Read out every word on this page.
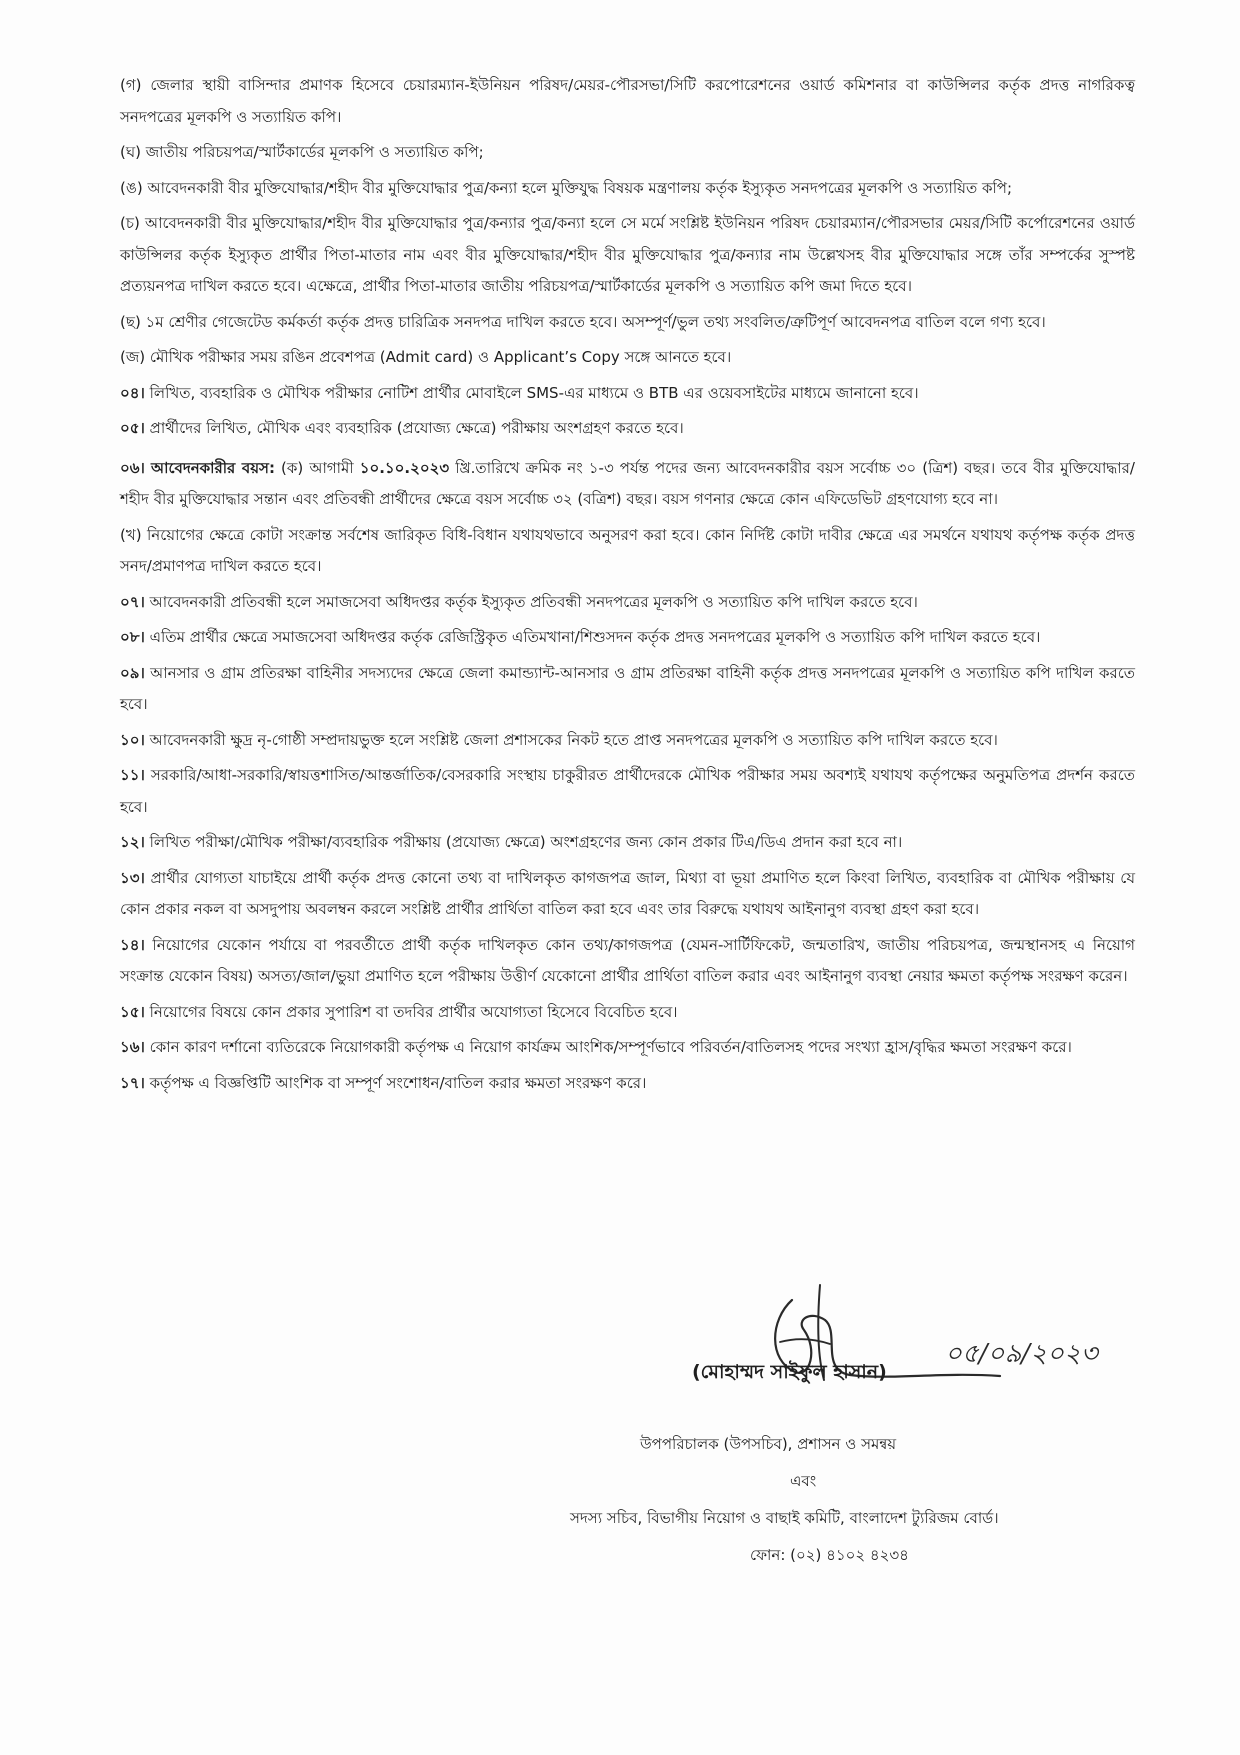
(গ) জেলার স্থায়ী বাসিন্দার প্রমাণক হিসেবে চেয়ারম্যান-ইউনিয়ন পরিষদ/মেয়র-পৌরসভা/সিটি করপোরেশনের ওয়ার্ড কমিশনার বা কাউন্সিলর কর্তৃক প্রদত্ত নাগরিকত্ব সনদপত্রের মূলকপি ও সত্যায়িত কপি।

(ঘ) জাতীয় পরিচয়পত্র/স্মার্টকার্ডের মূলকপি ও সত্যায়িত কপি;

(ঙ) আবেদনকারী বীর মুক্তিযোদ্ধার/শহীদ বীর মুক্তিযোদ্ধার পুত্র/কন্যা হলে মুক্তিযুদ্ধ বিষয়ক মন্ত্রণালয় কর্তৃক ইস্যুকৃত সনদপত্রের মূলকপি ও সত্যায়িত কপি;

(চ) আবেদনকারী বীর মুক্তিযোদ্ধার/শহীদ বীর মুক্তিযোদ্ধার পুত্র/কন্যার পুত্র/কন্যা হলে সে মর্মে সংশ্লিষ্ট ইউনিয়ন পরিষদ চেয়ারম্যান/পৌরসভার মেয়র/সিটি কর্পোরেশনের ওয়ার্ড কাউন্সিলর কর্তৃক ইস্যুকৃত প্রার্থীর পিতা-মাতার নাম এবং বীর মুক্তিযোদ্ধার/শহীদ বীর মুক্তিযোদ্ধার পুত্র/কন্যার নাম উল্লেখসহ বীর মুক্তিযোদ্ধার সঙ্গে তাঁর সম্পর্কের সুস্পষ্ট প্রত্যয়নপত্র দাখিল করতে হবে। এক্ষেত্রে, প্রার্থীর পিতা-মাতার জাতীয় পরিচয়পত্র/স্মার্টকার্ডের মূলকপি ও সত্যায়িত কপি জমা দিতে হবে।

(ছ) ১ম শ্রেণীর গেজেটেড কর্মকর্তা কর্তৃক প্রদত্ত চারিত্রিক সনদপত্র দাখিল করতে হবে। অসম্পূর্ণ/ভুল তথ্য সংবলিত/ত্রুটিপূর্ণ আবেদনপত্র বাতিল বলে গণ্য হবে।

(জ) মৌখিক পরীক্ষার সময় রঙিন প্রবেশপত্র (Admit card) ও Applicant’s Copy সঙ্গে আনতে হবে।

০৪। লিখিত, ব্যবহারিক ও মৌখিক পরীক্ষার নোটিশ প্রার্থীর মোবাইলে SMS-এর মাধ্যমে ও BTB এর ওয়েবসাইটের মাধ্যমে জানানো হবে।

০৫। প্রার্থীদের লিখিত, মৌখিক এবং ব্যবহারিক (প্রযোজ্য ক্ষেত্রে) পরীক্ষায় অংশগ্রহণ করতে হবে।

০৬। আবেদনকারীর বয়স: (ক) আগামী ১০.১০.২০২৩ খ্রি.তারিখে ক্রমিক নং ১-৩ পর্যন্ত পদের জন্য আবেদনকারীর বয়স সর্বোচ্চ ৩০ (ত্রিশ) বছর। তবে বীর মুক্তিযোদ্ধার/শহীদ বীর মুক্তিযোদ্ধার সন্তান এবং প্রতিবন্ধী প্রার্থীদের ক্ষেত্রে বয়স সর্বোচ্চ ৩২ (বত্রিশ) বছর। বয়স গণনার ক্ষেত্রে কোন এফিডেভিট গ্রহণযোগ্য হবে না।

(খ) নিয়োগের ক্ষেত্রে কোটা সংক্রান্ত সর্বশেষ জারিকৃত বিধি-বিধান যথাযথভাবে অনুসরণ করা হবে। কোন নির্দিষ্ট কোটা দাবীর ক্ষেত্রে এর সমর্থনে যথাযথ কর্তৃপক্ষ কর্তৃক প্রদত্ত সনদ/প্রমাণপত্র দাখিল করতে হবে।

০৭। আবেদনকারী প্রতিবন্ধী হলে সমাজসেবা অধিদপ্তর কর্তৃক ইস্যুকৃত প্রতিবন্ধী সনদপত্রের মূলকপি ও সত্যায়িত কপি দাখিল করতে হবে।

০৮। এতিম প্রার্থীর ক্ষেত্রে সমাজসেবা অধিদপ্তর কর্তৃক রেজিস্ট্রিকৃত এতিমখানা/শিশুসদন কর্তৃক প্রদত্ত সনদপত্রের মূলকপি ও সত্যায়িত কপি দাখিল করতে হবে।

০৯। আনসার ও গ্রাম প্রতিরক্ষা বাহিনীর সদস্যদের ক্ষেত্রে জেলা কমান্ড্যান্ট-আনসার ও গ্রাম প্রতিরক্ষা বাহিনী কর্তৃক প্রদত্ত সনদপত্রের মূলকপি ও সত্যায়িত কপি দাখিল করতে হবে।

১০। আবেদনকারী ক্ষুদ্র নৃ-গোষ্ঠী সম্প্রদায়ভুক্ত হলে সংশ্লিষ্ট জেলা প্রশাসকের নিকট হতে প্রাপ্ত সনদপত্রের মূলকপি ও সত্যায়িত কপি দাখিল করতে হবে।

১১। সরকারি/আধা-সরকারি/স্বায়ত্তশাসিত/আন্তর্জাতিক/বেসরকারি সংস্থায় চাকুরীরত প্রার্থীদেরকে মৌখিক পরীক্ষার সময় অবশ্যই যথাযথ কর্তৃপক্ষের অনুমতিপত্র প্রদর্শন করতে হবে।

১২। লিখিত পরীক্ষা/মৌখিক পরীক্ষা/ব্যবহারিক পরীক্ষায় (প্রযোজ্য ক্ষেত্রে) অংশগ্রহণের জন্য কোন প্রকার টিএ/ডিএ প্রদান করা হবে না।

১৩। প্রার্থীর যোগ্যতা যাচাইয়ে প্রার্থী কর্তৃক প্রদত্ত কোনো তথ্য বা দাখিলকৃত কাগজপত্র জাল, মিথ্যা বা ভূয়া প্রমাণিত হলে কিংবা লিখিত, ব্যবহারিক বা মৌখিক পরীক্ষায় যে কোন প্রকার নকল বা অসদুপায় অবলম্বন করলে সংশ্লিষ্ট প্রার্থীর প্রার্থিতা বাতিল করা হবে এবং তার বিরুদ্ধে যথাযথ আইনানুগ ব্যবস্থা গ্রহণ করা হবে।

১৪। নিয়োগের যেকোন পর্যায়ে বা পরবর্তীতে প্রার্থী কর্তৃক দাখিলকৃত কোন তথ্য/কাগজপত্র (যেমন-সার্টিফিকেট, জন্মতারিখ, জাতীয় পরিচয়পত্র, জন্মস্থানসহ এ নিয়োগ সংক্রান্ত যেকোন বিষয়) অসত্য/জাল/ভুয়া প্রমাণিত হলে পরীক্ষায় উত্তীর্ণ যেকোনো প্রার্থীর প্রার্থিতা বাতিল করার এবং আইনানুগ ব্যবস্থা নেয়ার ক্ষমতা কর্তৃপক্ষ সংরক্ষণ করেন।

১৫। নিয়োগের বিষয়ে কোন প্রকার সুপারিশ বা তদবির প্রার্থীর অযোগ্যতা হিসেবে বিবেচিত হবে।

১৬। কোন কারণ দর্শানো ব্যতিরেকে নিয়োগকারী কর্তৃপক্ষ এ নিয়োগ কার্যক্রম আংশিক/সম্পূর্ণভাবে পরিবর্তন/বাতিলসহ পদের সংখ্যা হ্রাস/বৃদ্ধির ক্ষমতা সংরক্ষণ করে।

১৭। কর্তৃপক্ষ এ বিজ্ঞপ্তিটি আংশিক বা সম্পূর্ণ সংশোধন/বাতিল করার ক্ষমতা সংরক্ষণ করে।

০৫/০৯/২০২৩
(মোহাম্মদ সাইফুল হাসান)
উপপরিচালক (উপসচিব), প্রশাসন ও সমন্বয়
এবং
সদস্য সচিব, বিভাগীয় নিয়োগ ও বাছাই কমিটি, বাংলাদেশ ট্যুরিজম বোর্ড।
ফোন: (০২) ৪১০২ ৪২৩৪
